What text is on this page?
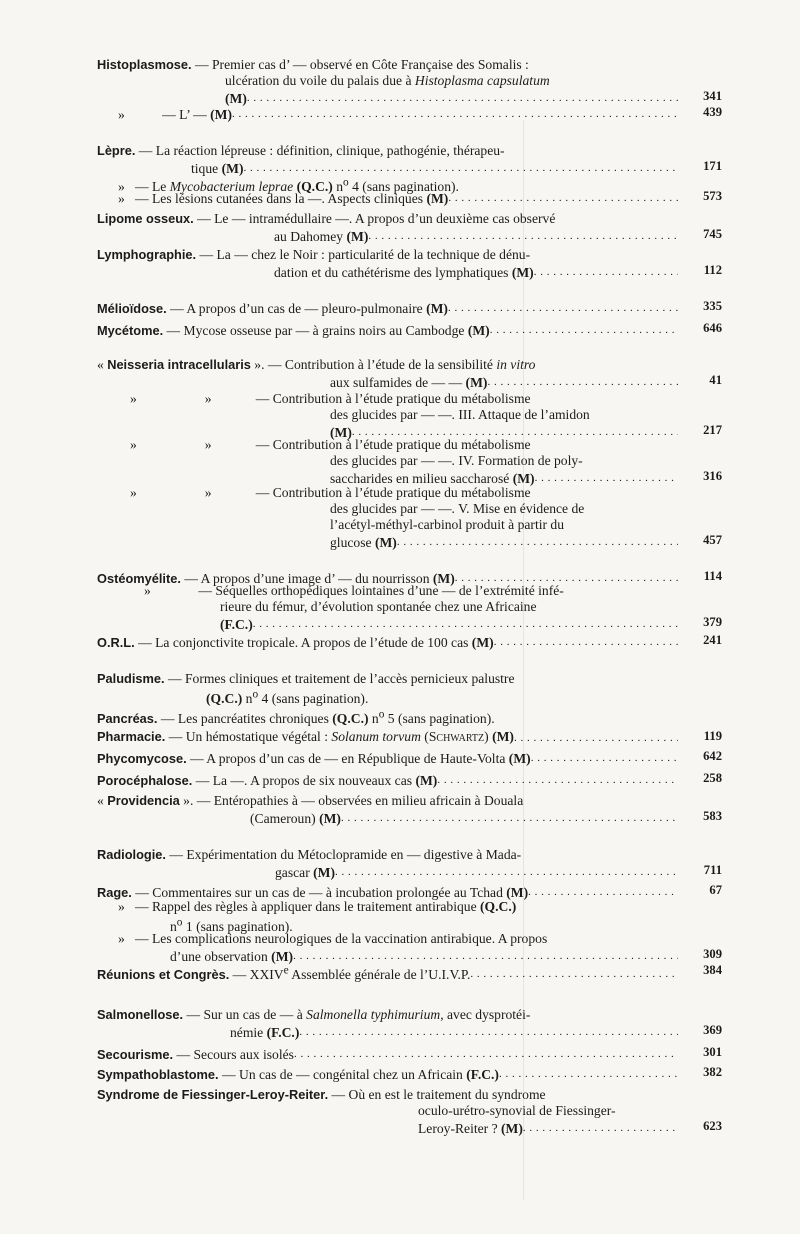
Histoplasmose. — Premier cas d’ — observé en Côte Française des Somalis :
ulcération du voile du palais due à Histoplasma capsulatum
(M) . . .	341
»           — L’ — (M) . . .	439
Lèpre. — La réaction lépreuse : définition, clinique, pathogénie, thérapeu-
tique (M) . . .	171
»   — Le Mycobacterium leprae (Q.C.) $n^o$ 4 (sans pagination).
»   — Les lésions cutanées dans la —. Aspects cliniques (M) . . .	573
Lipome osseux. — Le — intramédullaire —. A propos d’un deuxième cas observé
au Dahomey (M) . . .	745
Lymphographie. — La — chez le Noir : particularité de la technique de dénu-
dation et du cathétérisme des lymphatiques (M) . . .	112
Mélioïdose. — A propos d’un cas de — pleuro-pulmonaire (M) . . .	335
Mycétome. — Mycose osseuse par — à grains noirs au Cambodge (M) . . .	646
« Neisseria intracellularis ». — Contribution à l’étude de la sensibilité in vitro
aux sulfamides de — — (M) . . .	41
»                    »             — Contribution à l’étude pratique du métabolisme
des glucides par — —. III. Attaque de l’amidon
(M) . . .	217
»                    »             — Contribution à l’étude pratique du métabolisme
des glucides par — —. IV. Formation de poly-
saccharides en milieu saccharosé (M) . . .	316
»                    »             — Contribution à l’étude pratique du métabolisme
des glucides par — —. V. Mise en évidence de
l’acétyl-méthyl-carbinol produit à partir du
glucose (M) . . .	457
Ostéomyélite. — A propos d’une image d’ — du nourrisson (M) . . .	114
»              — Séquelles orthopédiques lointaines d’une — de l’extrémité infé-
rieure du fémur, d’évolution spontanée chez une Africaine
(F.C.) . . .	379
O.R.L. — La conjonctivite tropicale. A propos de l’étude de 100 cas (M) . . .	241
Paludisme. — Formes cliniques et traitement de l’accès pernicieux palustre
(Q.C.) $n^o$ 4 (sans pagination).
Pancréas. — Les pancréatites chroniques (Q.C.) $n^o$ 5 (sans pagination).
Pharmacie. — Un hémostatique végétal : Solanum torvum (SCHWARTZ) (M) . . .	119
Phycomycose. — A propos d’un cas de — en République de Haute-Volta (M) . . .	642
Porocéphalose. — La —. A propos de six nouveaux cas (M) . . .	258
« Providencia ». — Entéropathies à — observées en milieu africain à Douala
(Cameroun) (M) . . .	583
Radiologie. — Expérimentation du Métoclopramide en — digestive à Mada-
gascar (M) . . .	711
Rage. — Commentaires sur un cas de — à incubation prolongée au Tchad (M) . . .	67
»   — Rappel des règles à appliquer dans le traitement antirabique (Q.C.)
$n^o$ 1 (sans pagination).
»   — Les complications neurologiques de la vaccination antirabique. A propos
d’une observation (M) . . .	309
Réunions et Congrès. — XXIVe Assemblée générale de l’U.I.V.P. . . .	384
Salmonellose. — Sur un cas de — à Salmonella typhimurium, avec dysprotéi-
némie (F.C.) . . .	369
Secourisme. — Secours aux isolés . . .	301
Sympathoblastome. — Un cas de — congénital chez un Africain (F.C.) . . .	382
Syndrome de Fiessinger-Leroy-Reiter. — Où en est le traitement du syndrome
oculo-urétro-synovial de Fiessinger-
Leroy-Reiter ? (M) . . .	623
